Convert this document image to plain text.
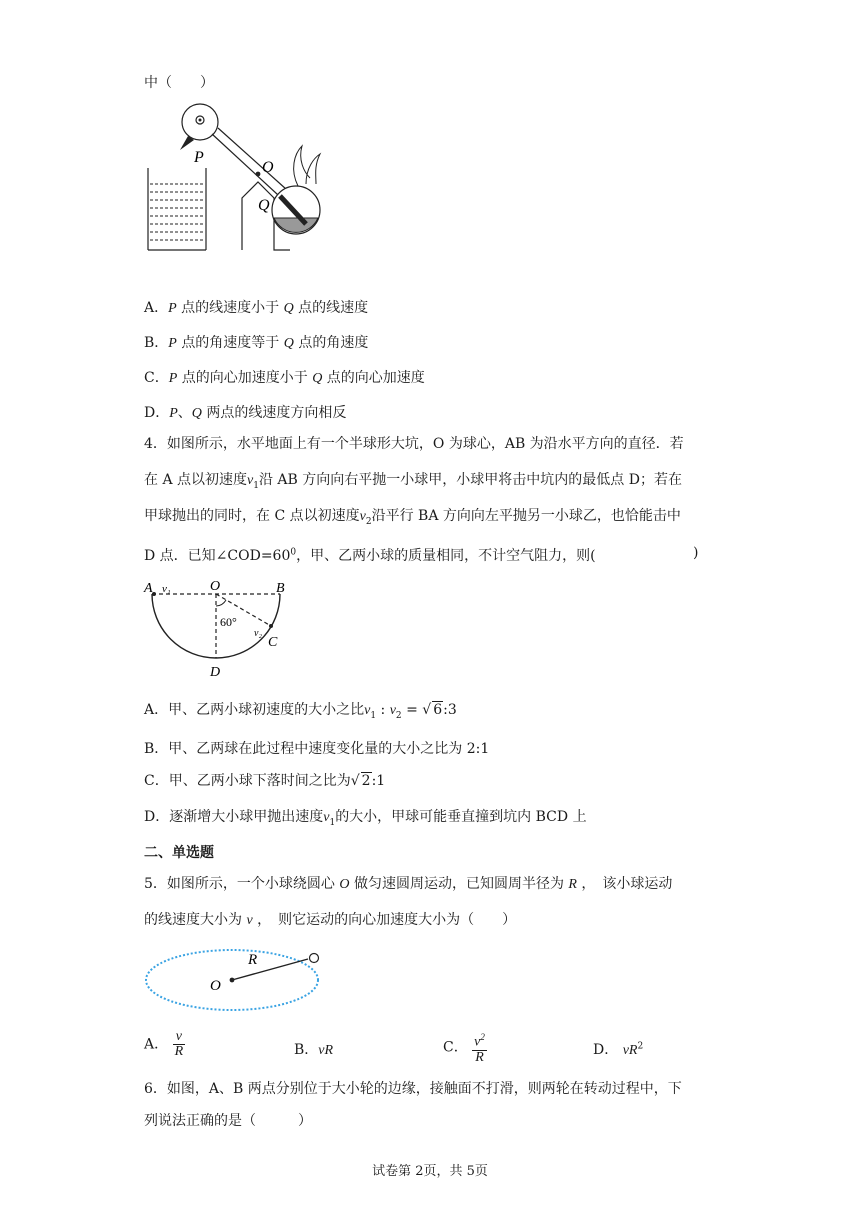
中（　　）
P
O
Q
A．P 点的线速度小于 Q 点的线速度
B．P 点的角速度等于 Q 点的角速度
C．P 点的向心加速度小于 Q 点的向心加速度
D．P、Q 两点的线速度方向相反
4．如图所示，水平地面上有一个半球形大坑，O 为球心，AB 为沿水平方向的直径．若
在 A 点以初速度$v_1$沿 AB 方向向右平抛一小球甲，小球甲将击中坑内的最低点 D；若在
甲球抛出的同时，在 C 点以初速度$v_2$沿平行 BA 方向向左平抛另一小球乙，也恰能击中
D 点．已知$\angle COD=60^0$，甲、乙两小球的质量相同，不计空气阻力，则(	)
A v₁	O	B
60°
v₂
C
D
A．甲、乙两小球初速度的大小之比$v_1$ : $v_2$ = √ 6:3
B．甲、乙两球在此过程中速度变化量的大小之比为 2:1
C．甲、乙两小球下落时间之比为√ 2:1
D．逐渐增大小球甲抛出速度$v_1$的大小，甲球可能垂直撞到坑内 BCD 上
二、单选题
5．如图所示，一个小球绕圆心 O 做匀速圆周运动，已知圆周半径为 R ，　该小球运动
的线速度大小为 v ，　则它运动的向心加速度大小为（　　）
R
O
A． $\frac{v}{R}$	B．vR	C． $\frac{v^2}{R}$	D． $vR^2$
6．如图，A、B 两点分别位于大小轮的边缘，接触面不打滑，则两轮在转动过程中，下
列说法正确的是（　　　）
试卷第 2页，共 5页
